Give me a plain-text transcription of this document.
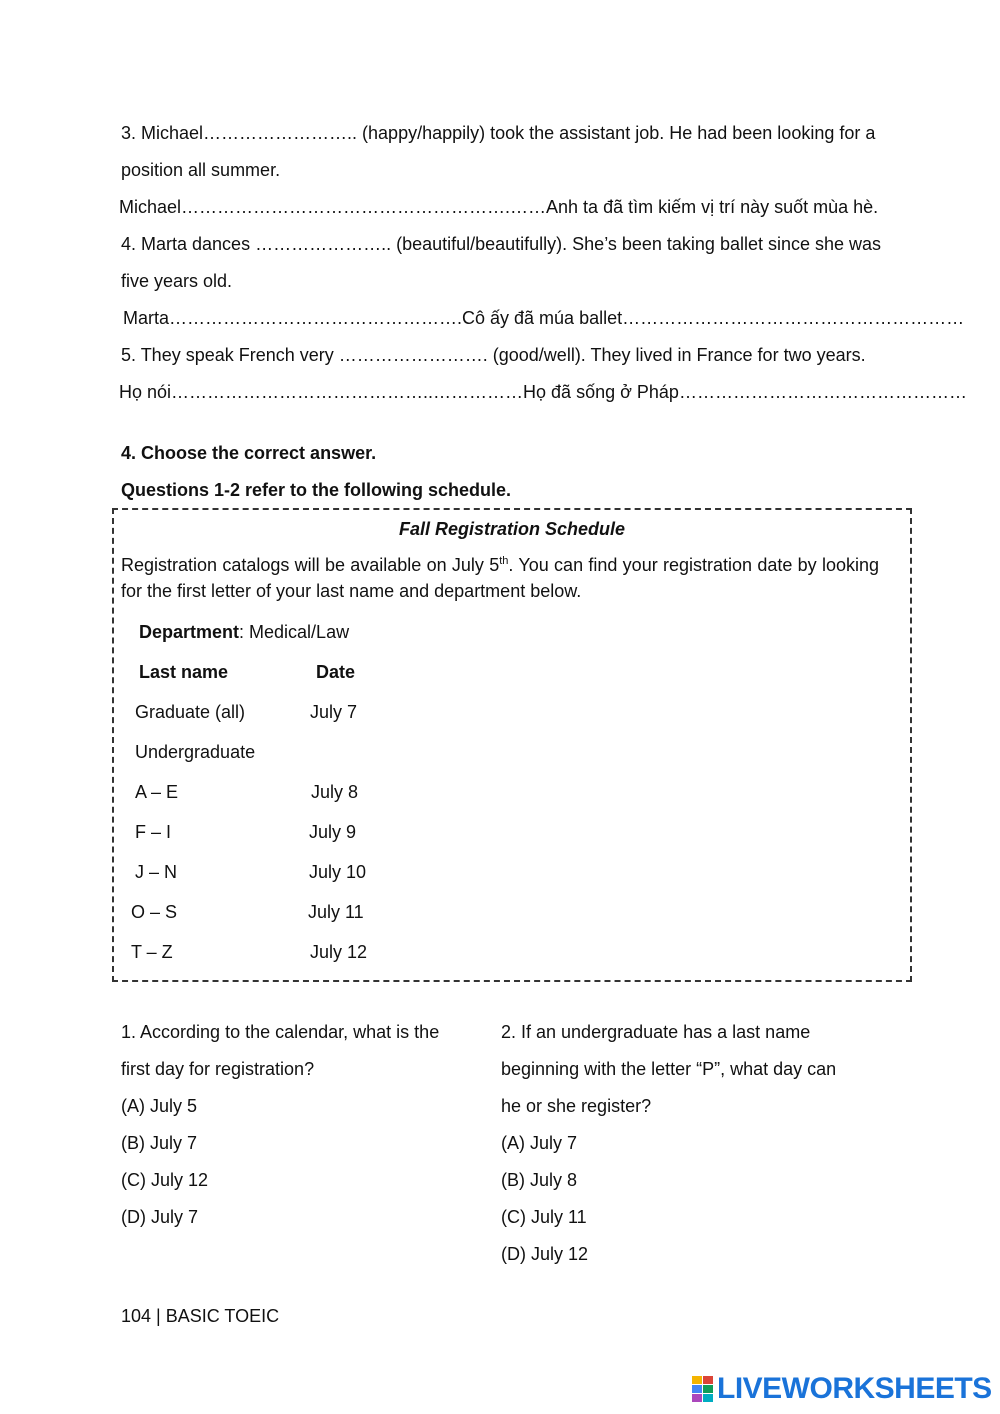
3. Michael…………………….. (happy/happily) took the assistant job. He had been looking for a
position all summer.
Michael……………………………………………….……Anh ta đã tìm kiếm vị trí này suốt mùa hè.
4. Marta dances ………………….. (beautiful/beautifully). She’s been taking ballet since she was
five years old.
Marta………………………………………….Cô ấy đã múa ballet…………………………………………………
5. They speak French very ……………………. (good/well). They lived in France for two years.
Họ nói……………………………………..……………Họ đã sống ở Pháp…………………………………………
4. Choose the correct answer.
Questions 1-2 refer to the following schedule.
Fall Registration Schedule
Registration catalogs will be available on July 5th. You can find your registration date by looking for the first letter of your last name and department below.
Department: Medical/Law
Last name	Date
Graduate (all)	July 7
Undergraduate
A – E	July 8
F – I	July 9
J – N	July 10
O – S	July 11
T – Z	July 12
1. According to the calendar, what is the
first day for registration?
(A) July 5
(B) July 7
(C) July 12
(D) July 7
2. If an undergraduate has a last name
beginning with the letter “P”, what day can
he or she register?
(A) July 7
(B) July 8
(C) July 11
(D) July 12
104 | BASIC TOEIC
LIVEWORKSHEETS
